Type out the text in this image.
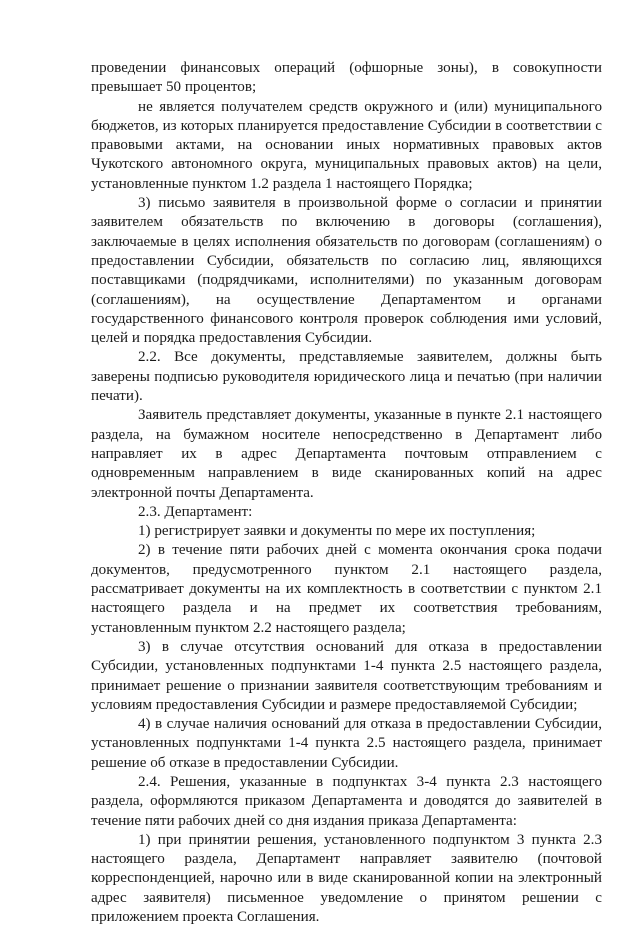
проведении финансовых операций (офшорные зоны), в совокупности превышает 50 процентов;

не является получателем средств окружного и (или) муниципального бюджетов, из которых планируется предоставление Субсидии в соответствии с правовыми актами, на основании иных нормативных правовых актов Чукотского автономного округа, муниципальных правовых актов) на цели, установленные пунктом 1.2 раздела 1 настоящего Порядка;

3) письмо заявителя в произвольной форме о согласии и принятии заявителем обязательств по включению в договоры (соглашения), заключаемые в целях исполнения обязательств по договорам (соглашениям) о предоставлении Субсидии, обязательств по согласию лиц, являющихся поставщиками (подрядчиками, исполнителями) по указанным договорам (соглашениям), на осуществление Департаментом и органами государственного финансового контроля проверок соблюдения ими условий, целей и порядка предоставления Субсидии.

2.2. Все документы, представляемые заявителем, должны быть заверены подписью руководителя юридического лица и печатью (при наличии печати).

Заявитель представляет документы, указанные в пункте 2.1 настоящего раздела, на бумажном носителе непосредственно в Департамент либо направляет их в адрес Департамента почтовым отправлением с одновременным направлением в виде сканированных копий на адрес электронной почты Департамента.

2.3. Департамент:

1) регистрирует заявки и документы по мере их поступления;

2) в течение пяти рабочих дней с момента окончания срока подачи документов, предусмотренного пунктом 2.1 настоящего раздела, рассматривает документы на их комплектность в соответствии с пунктом 2.1 настоящего раздела и на предмет их соответствия требованиям, установленным пунктом 2.2 настоящего раздела;

3) в случае отсутствия оснований для отказа в предоставлении Субсидии, установленных подпунктами 1-4 пункта 2.5 настоящего раздела, принимает решение о признании заявителя соответствующим требованиям и условиям предоставления Субсидии и размере предоставляемой Субсидии;

4) в случае наличия оснований для отказа в предоставлении Субсидии, установленных подпунктами 1-4 пункта 2.5 настоящего раздела, принимает решение об отказе в предоставлении Субсидии.

2.4. Решения, указанные в подпунктах 3-4 пункта 2.3 настоящего раздела, оформляются приказом Департамента и доводятся до заявителей в течение пяти рабочих дней со дня издания приказа Департамента:

1) при принятии решения, установленного подпунктом 3 пункта 2.3 настоящего раздела, Департамент направляет заявителю (почтовой корреспонденцией, нарочно или в виде сканированной копии на электронный адрес заявителя) письменное уведомление о принятом решении с приложением проекта Соглашения.
